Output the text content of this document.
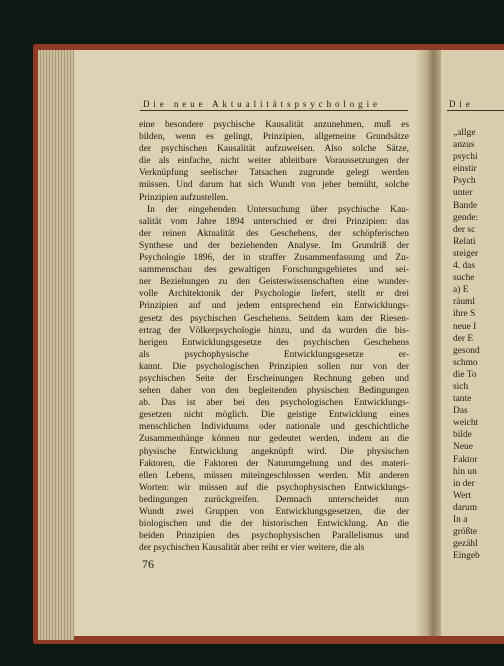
Die neue Aktualitätspsychologie
eine besondere psychische Kausalität anzunehmen, muß es
bilden, wenn es gelingt, Prinzipien, allgemeine Grundsätze
der psychischen Kausalität aufzuweisen. Also solche Sätze,
die als einfache, nicht weiter ableitbare Voraussetzungen der
Verknüpfung seelischer Tatsachen zugrunde gelegt werden
müssen. Und darum hat sich Wundt von jeher bemüht, solche
Prinzipien aufzustellen.
In der eingehenden Untersuchung über psychische Kau-
salität vom Jahre 1894 unterschied er drei Prinzipien: das
der reinen Aktualität des Geschehens, der schöpferischen
Synthese und der beziehenden Analyse. Im Grundriß der
Psychologie 1896, der in straffer Zusammenfassung und Zu-
sammenschau des gewaltigen Forschungsgebietes und sei-
ner Beziehungen zu den Geisteswissenschaften eine wunder-
volle Architektonik der Psychologie liefert, stellt er drei
Prinzipien auf und jedem entsprechend ein Entwicklungs-
gesetz des psychischen Geschehens. Seitdem kam der Riesen-
ertrag der Völkerpsychologie hinzu, und da wurden die bis-
herigen Entwicklungsgesetze des psychischen Geschehens
als psychophysische Entwicklungsgesetze er-
kannt. Die psychologischen Prinzipien sollen nur von der
psychischen Seite der Erscheinungen Rechnung geben und
sehen daher von den begleitenden physischen Bedingungen
ab. Das ist aber bei den psychologischen Entwicklungs-
gesetzen nicht möglich. Die geistige Entwicklung eines
menschlichen Individuums oder nationale und geschichtliche
Zusammenhänge können nur gedeutet werden, indem an die
physische Entwicklung angeknüpft wird. Die physischen
Faktoren, die Faktoren der Naturumgebung und des materi-
ellen Lebens, müssen miteingeschlossen werden. Mit anderen
Worten: wir müssen auf die psychophysischen Entwicklungs-
bedingungen zurückgreifen. Demnach unterscheidet nun
Wundt zwei Gruppen von Entwicklungsgesetzen, die der
biologischen und die der historischen Entwicklung. An die
beiden Prinzipien des psychophysischen Parallelismus und
der psychischen Kausalität aber reiht er vier weitere, die als
76
Die
„allge
anzus
psychi
einstir
Psych
unter
Bande
gende:
der sc
Relati
steiger
4. das
suche
a) E
räuml
ihre S
neue I
der E
gesond
schmo
die To
sich
tante
Das
weicht
bilde
Neue
Faktor
hin un
in der
Wert
darum
In a
größte
gezähl
Eingeb
